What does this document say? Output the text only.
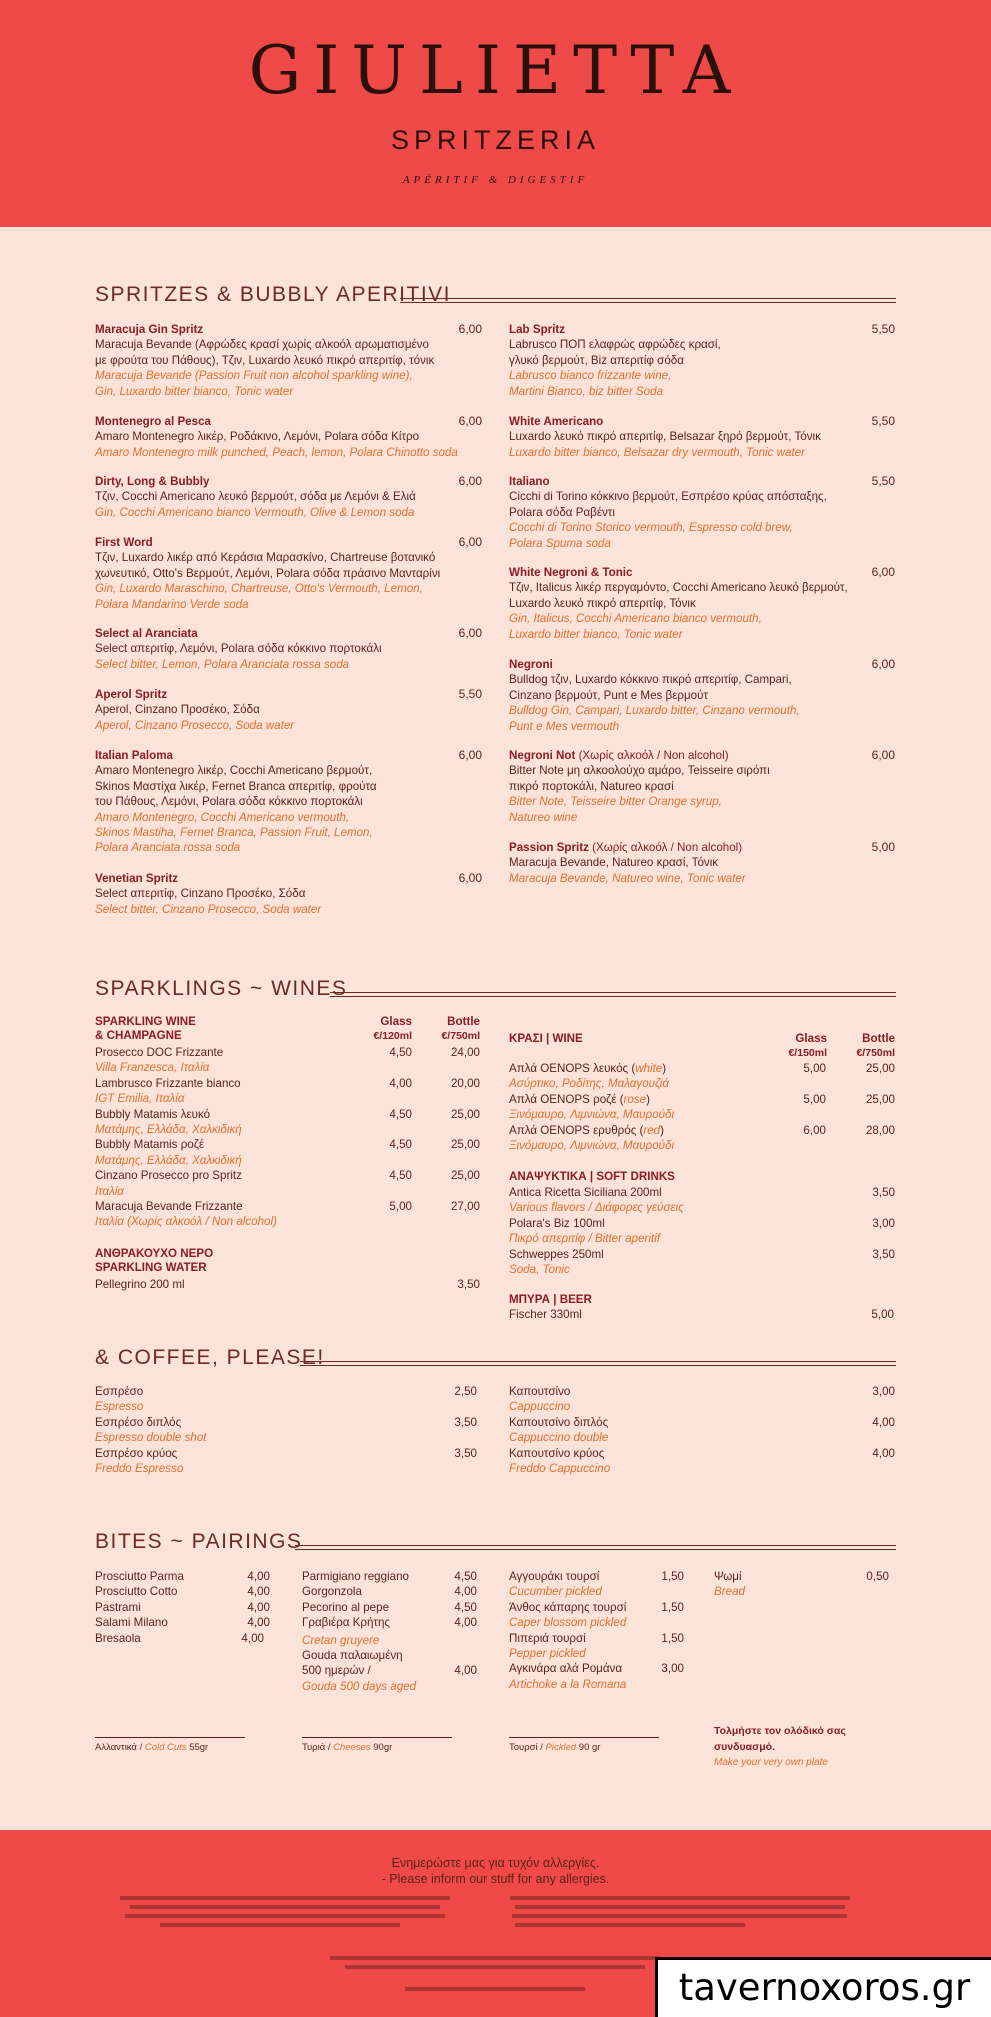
GIULIETTA
SPRITZERIA
APÉRITIF & DIGESTIF
SPRITZES & BUBBLY APERITIVI
Maracuja Gin Spritz
Maracuja Bevande (Αφρώδες κρασί χωρίς αλκοόλ αρωματισμένο
με φρούτα του Πάθους), Τζιν, Luxardo λευκό πικρό απεριτίφ, τόνικ
Maracuja Bevande (Passion Fruit non alcohol sparkling wine),
Gin, Luxardo bitter bianco, Tonic water
6,00
Montenegro al Pesca
Amaro Montenegro λικέρ, Ροδάκινο, Λεμόνι, Polara σόδα Κίτρο
Amaro Montenegro milk punched, Peach, lemon, Polara Chinotto soda
6,00
Dirty, Long & Bubbly
Τζιν, Cocchi Americano λευκό βερμούτ, σόδα με Λεμόνι & Ελιά
Gin, Cocchi Americano bianco Vermouth, Olive & Lemon soda
6,00
First Word
Τζιν, Luxardo λικέρ από Κεράσια Μαρασκίνο, Chartreuse βοτανικό
χωνευτικό, Otto's Βερμούτ, Λεμόνι, Polara σόδα πράσινο Μανταρίνι
Gin, Luxardo Maraschino, Chartreuse, Otto's Vermouth, Lemon,
Polara Mandarino Verde soda
6,00
Select al Aranciata
Select απεριτίφ, Λεμόνι, Polara σόδα κόκκινο πορτοκάλι
Select bitter, Lemon, Polara Aranciata rossa soda
6,00
Aperol Spritz
Aperol, Cinzano Προσέκο, Σόδα
Aperol, Cinzano Prosecco, Soda water
5,50
Italian Paloma
Amaro Montenegro λικέρ, Cocchi Americano βερμούτ,
Skinos Μαστίχα λικέρ, Fernet Branca απεριτίφ, φρούτα
του Πάθους, Λεμόνι, Polara σόδα κόκκινο πορτοκάλι
Amaro Montenegro, Cocchi Americano vermouth,
Skinos Mastiha, Fernet Branca, Passion Fruit, Lemon,
Polara Aranciata rossa soda
6,00
Venetian Spritz
Select απεριτίφ, Cinzano Προσέκο, Σόδα
Select bitter, Cinzano Prosecco, Soda water
6,00
Lab Spritz
Labrusco ΠΟΠ ελαφρώς αφρώδες κρασί,
γλυκό βερμούτ, Biz απεριτίφ σόδα
Labrusco bianco frizzante wine,
Martini Bianco, biz bitter Soda
5,50
White Americano
Luxardo λευκό πικρό απεριτίφ, Belsazar ξηρό βερμούτ, Τόνικ
Luxardo bitter bianco, Belsazar dry vermouth, Tonic water
5,50
Italiano
Cicchi di Torino κόκκινο βερμούτ, Εσπρέσο κρύας απόσταξης,
Polara σόδα Ραβέντι
Cocchi di Torino Storico vermouth, Espresso cold brew,
Polara Spuma soda
5,50
White Negroni & Tonic
Τζιν, Italicus λικέρ περγαμόντο, Cocchi Americano λευκό βερμούτ,
Luxardo λευκό πικρό απεριτίφ, Τόνικ
Gin, Italicus, Cocchi Americano bianco vermouth,
Luxardo bitter bianco, Tonic water
6,00
Negroni
Bulldog τζιν, Luxardo κόκκινο πικρό απεριτίφ, Campari,
Cinzano βερμούτ, Punt e Mes βερμούτ
Bulldog Gin, Campari, Luxardo bitter, Cinzano vermouth,
Punt e Mes vermouth
6,00
Negroni Not (Χωρίς αλκοόλ / Non alcohol)
Bitter Note μη αλκοολούχο αμάρο, Teisseire σιρόπι
πικρό πορτοκάλι, Natureo κρασί
Bitter Note, Teisseire bitter Orange syrup,
Natureo wine
6,00
Passion Spritz (Χωρίς αλκοόλ / Non alcohol)
Maracuja Bevande, Natureo κρασί, Τόνικ
Maracuja Bevande, Natureo wine, Tonic water
5,00
SPARKLINGS ~ WINES
SPARKLING WINE
& CHAMPAGNE
Glass
€/120ml
Bottle
€/750ml
Prosecco DOC Frizzante
Villa Franzesca, Ιταλία
4,50	24,00
Lambrusco Frizzante bianco
IGT Emilia, Ιταλία
4,00	20,00
Bubbly Matamis λευκό
Ματάμης, Ελλάδα, Χαλκιδική
4,50	25,00
Bubbly Matamis ροζέ
Ματάμης, Ελλάδα, Χαλκιδική
4,50	25,00
Cinzano Prosecco pro Spritz
Ιταλία
4,50	25,00
Maracuja Bevande Frizzante
Ιταλία (Χωρίς αλκοόλ / Non alcohol)
5,00	27,00
ΑΝΘΡΑΚΟΥΧΟ ΝΕΡΟ
SPARKLING WATER
Pellegrino 200 ml	3,50
ΚΡΑΣΙ | WINE	Glass
€/150ml
Bottle
€/750ml
Απλά OENOPS λευκός (white)
Ασύρτικο, Ροδίτης, Μαλαγουζιά
5,00	25,00
Απλά OENOPS ροζέ (rose)
Ξινόμαυρο, Λιμνιώνα, Μαυρούδι
5,00	25,00
Απλά OENOPS ερυθρός (red)
Ξινόμαυρο, Λιμνιώνα, Μαυρούδι
6,00	28,00
ΑΝΑΨΥΚΤΙΚΑ | SOFT DRINKS
Antica Ricetta Siciliana 200ml
Various flavors / Διάφορες γεύσεις
3,50
Polara's Biz 100ml
Πικρό απεριτίφ / Bitter aperitif
3,00
Schweppes 250ml
Soda, Tonic
3,50
ΜΠΥΡΑ | BEER
Fischer 330ml	5,00
& COFFEE, PLEASE!
Εσπρέσο
Espresso
2,50
Εσπρέσο διπλός
Espresso double shot
3,50
Εσπρέσο κρύος
Freddo Espresso
3,50
Καπουτσίνο
Cappuccino
3,00
Καπουτσίνο διπλός
Cappuccino double
4,00
Καπουτσίνο κρύος
Freddo Cappuccino
4,00
BITES ~ PAIRINGS
Prosciutto Parma	4,00
Prosciutto Cotto	4,00
Pastrami	4,00
Salami Milano	4,00
Bresaola	4,00
Parmigiano reggiano	4,50
Gorgonzola	4,00
Pecorino al pepe	4,50
Γραβιέρα Κρήτης	4,00
Cretan gruyere
Gouda παλαιωμένη
500 ημερών /
Gouda 500 days aged
4,00
Αγγουράκι τουρσί
Cucumber pickled
1,50
Άνθος κάπαρης τουρσί
Caper blossom pickled
1,50
Πιπεριά τουρσί
Pepper pickled
1,50
Αγκινάρα αλά Ρομάνα
Artichoke a la Romana
3,00
Ψωμί
Bread
0,50
Αλλαντικά / Cold Cuts 55gr	Τυριά / Cheeses 90gr	Τουρσί / Pickled 90 gr
Τολμήστε τον ολόδικό σας
συνδυασμό.
Make your very own plate
Ενημερώστε μας για τυχόν αλλεργίες.
- Please inform our stuff for any allergies.
tavernoxoros.gr
